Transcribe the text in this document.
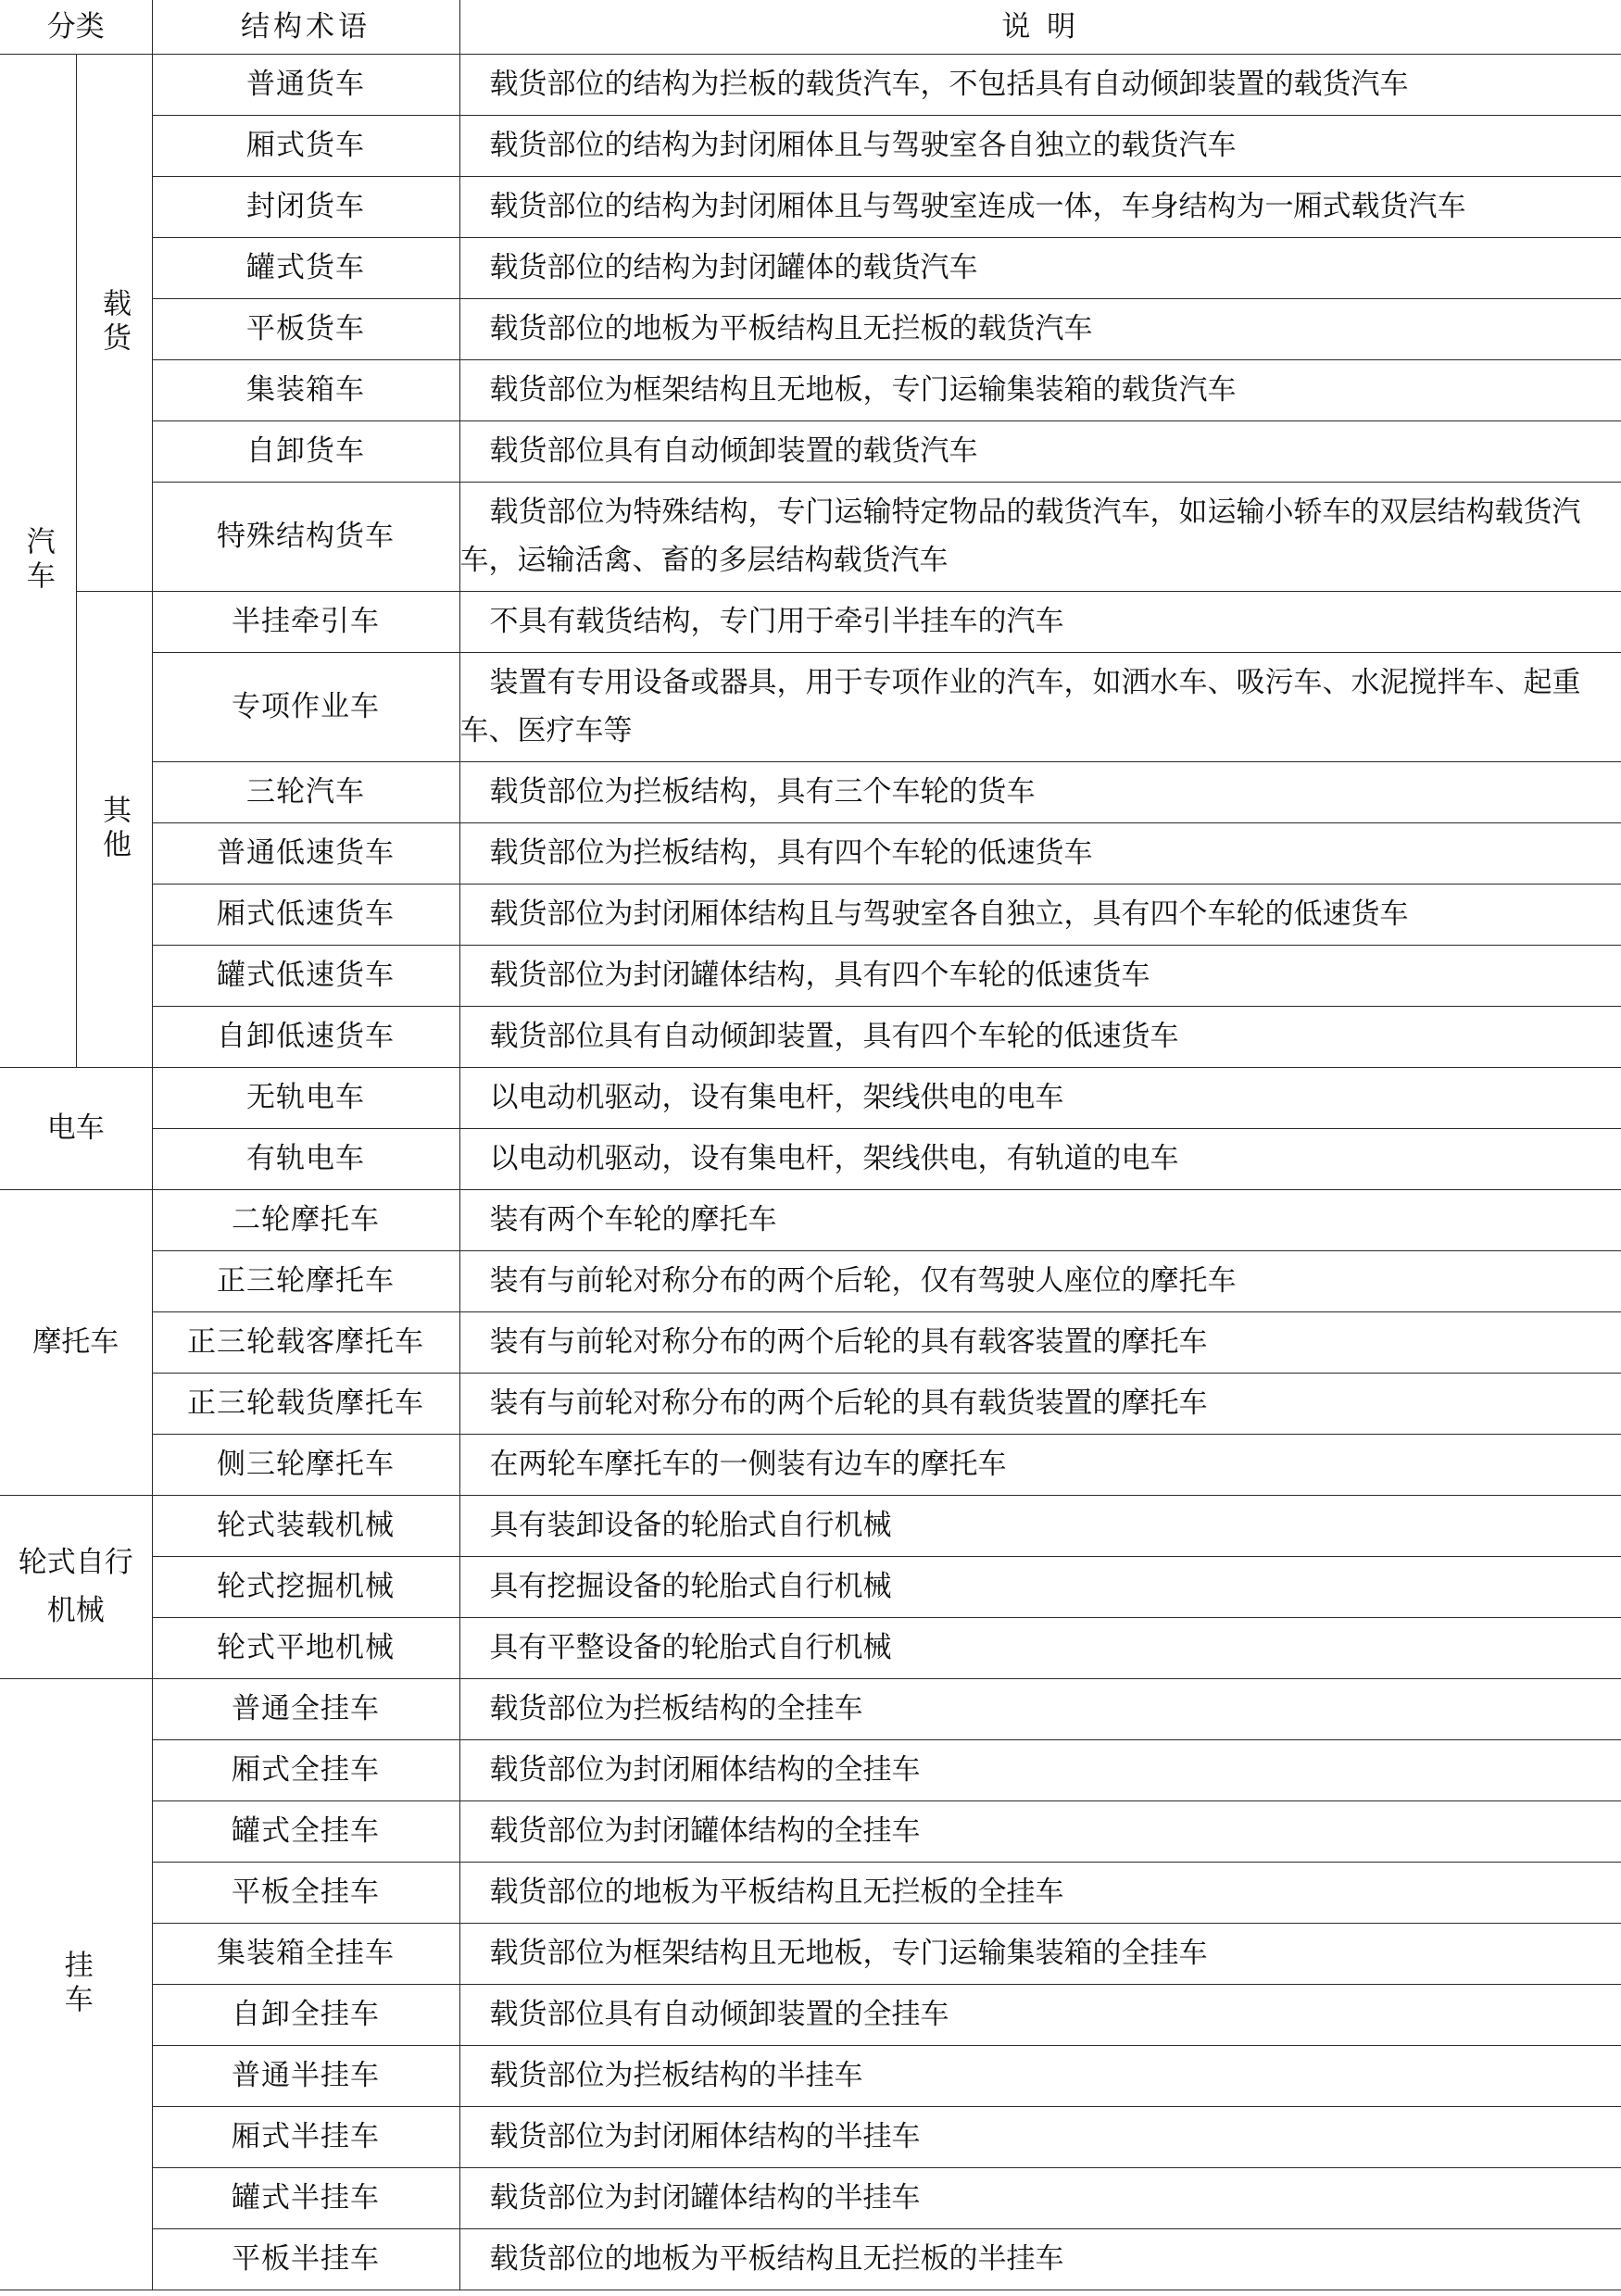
分类		结构术语	说 明
汽车	载货	普通货车	载货部位的结构为拦板的载货汽车，不包括具有自动倾卸装置的载货汽车
		厢式货车	载货部位的结构为封闭厢体且与驾驶室各自独立的载货汽车
		封闭货车	载货部位的结构为封闭厢体且与驾驶室连成一体，车身结构为一厢式载货汽车
		罐式货车	载货部位的结构为封闭罐体的载货汽车
		平板货车	载货部位的地板为平板结构且无拦板的载货汽车
		集装箱车	载货部位为框架结构且无地板，专门运输集装箱的载货汽车
		自卸货车	载货部位具有自动倾卸装置的载货汽车
		特殊结构货车	载货部位为特殊结构，专门运输特定物品的载货汽车，如运输小轿车的双层结构载货汽车，运输活禽、畜的多层结构载货汽车
	其他	半挂牵引车	不具有载货结构，专门用于牵引半挂车的汽车
		专项作业车	装置有专用设备或器具，用于专项作业的汽车，如洒水车、吸污车、水泥搅拌车、起重车、医疗车等
		三轮汽车	载货部位为拦板结构，具有三个车轮的货车
		普通低速货车	载货部位为拦板结构，具有四个车轮的低速货车
		厢式低速货车	载货部位为封闭厢体结构且与驾驶室各自独立，具有四个车轮的低速货车
		罐式低速货车	载货部位为封闭罐体结构，具有四个车轮的低速货车
		自卸低速货车	载货部位具有自动倾卸装置，具有四个车轮的低速货车
电车		无轨电车	以电动机驱动，设有集电杆，架线供电的电车
		有轨电车	以电动机驱动，设有集电杆，架线供电，有轨道的电车
摩托车		二轮摩托车	装有两个车轮的摩托车
		正三轮摩托车	装有与前轮对称分布的两个后轮，仅有驾驶人座位的摩托车
		正三轮载客摩托车	装有与前轮对称分布的两个后轮的具有载客装置的摩托车
		正三轮载货摩托车	装有与前轮对称分布的两个后轮的具有载货装置的摩托车
		侧三轮摩托车	在两轮车摩托车的一侧装有边车的摩托车
轮式自行机械		轮式装载机械	具有装卸设备的轮胎式自行机械
		轮式挖掘机械	具有挖掘设备的轮胎式自行机械
		轮式平地机械	具有平整设备的轮胎式自行机械
挂车		普通全挂车	载货部位为拦板结构的全挂车
		厢式全挂车	载货部位为封闭厢体结构的全挂车
		罐式全挂车	载货部位为封闭罐体结构的全挂车
		平板全挂车	载货部位的地板为平板结构且无拦板的全挂车
		集装箱全挂车	载货部位为框架结构且无地板，专门运输集装箱的全挂车
		自卸全挂车	载货部位具有自动倾卸装置的全挂车
		普通半挂车	载货部位为拦板结构的半挂车
		厢式半挂车	载货部位为封闭厢体结构的半挂车
		罐式半挂车	载货部位为封闭罐体结构的半挂车
		平板半挂车	载货部位的地板为平板结构且无拦板的半挂车
